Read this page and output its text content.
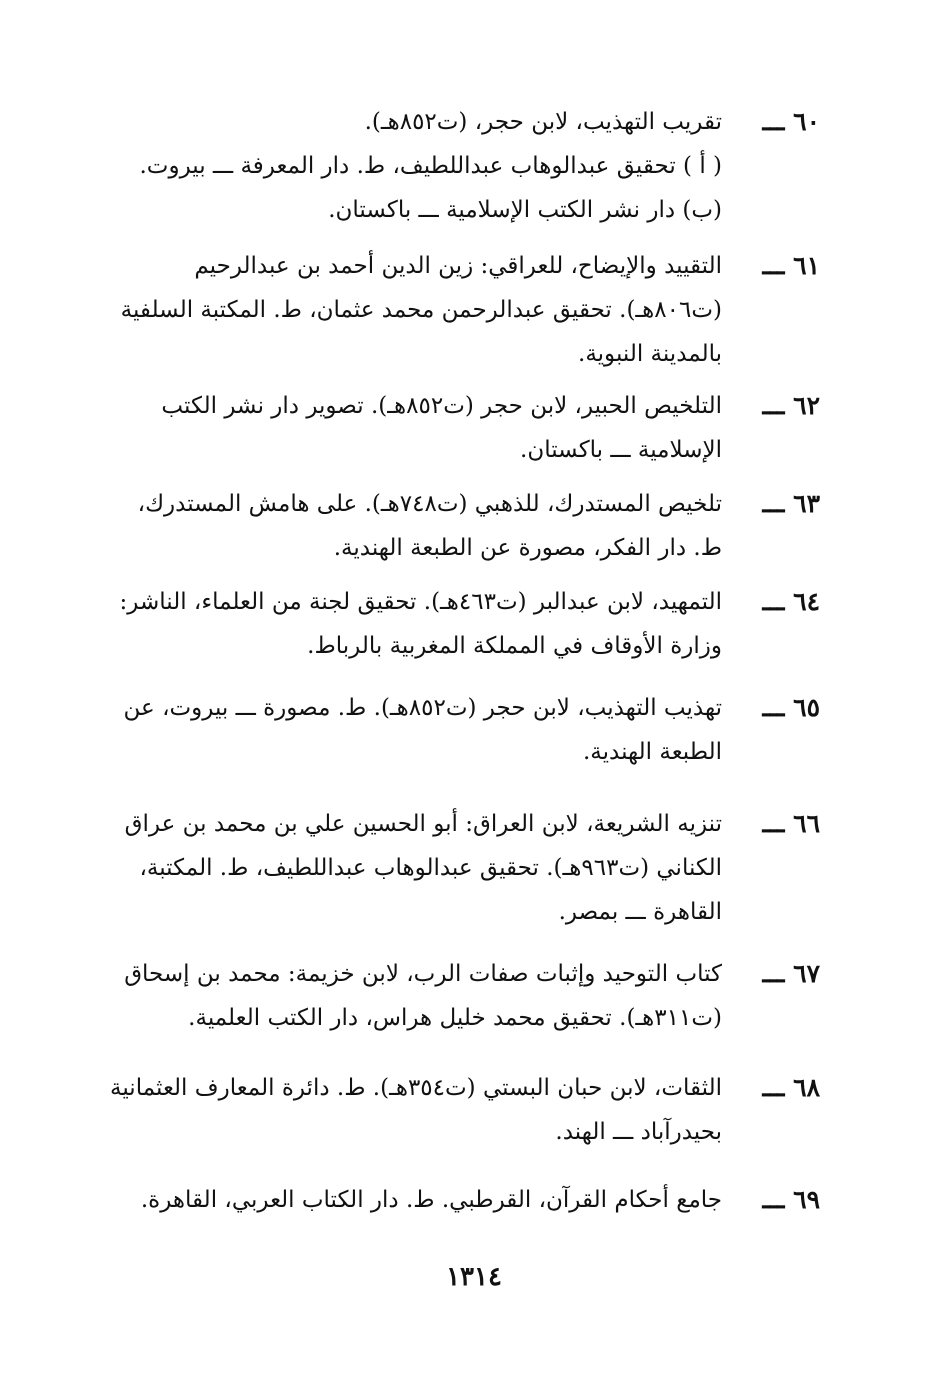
٦٠ ـــ
تقريب التهذيب، لابن حجر، (ت٨٥٢هـ).
( أ ) تحقيق عبدالوهاب عبداللطيف، ط. دار المعرفة ـــ بيروت.
(ب) دار نشر الكتب الإسلامية ـــ باكستان.
٦١ ـــ
التقييد والإيضاح، للعراقي: زين الدين أحمد بن عبدالرحيم
(ت٨٠٦هـ). تحقيق عبدالرحمن محمد عثمان، ط. المكتبة السلفية
بالمدينة النبوية.
٦٢ ـــ
التلخيص الحبير، لابن حجر (ت٨٥٢هـ). تصوير دار نشر الكتب
الإسلامية ـــ باكستان.
٦٣ ـــ
تلخيص المستدرك، للذهبي (ت٧٤٨هـ). على هامش المستدرك،
ط. دار الفكر، مصورة عن الطبعة الهندية.
٦٤ ـــ
التمهيد، لابن عبدالبر (ت٤٦٣هـ). تحقيق لجنة من العلماء، الناشر:
وزارة الأوقاف في المملكة المغربية بالرباط.
٦٥ ـــ
تهذيب التهذيب، لابن حجر (ت٨٥٢هـ). ط. مصورة ـــ بيروت، عن
الطبعة الهندية.
٦٦ ـــ
تنزيه الشريعة، لابن العراق: أبو الحسين علي بن محمد بن عراق
الكناني (ت٩٦٣هـ). تحقيق عبدالوهاب عبداللطيف، ط. المكتبة،
القاهرة ـــ بمصر.
٦٧ ـــ
كتاب التوحيد وإثبات صفات الرب، لابن خزيمة: محمد بن إسحاق
(ت٣١١هـ). تحقيق محمد خليل هراس، دار الكتب العلمية.
٦٨ ـــ
الثقات، لابن حبان البستي (ت٣٥٤هـ). ط. دائرة المعارف العثمانية
بحيدرآباد ـــ الهند.
٦٩ ـــ
جامع أحكام القرآن، القرطبي. ط. دار الكتاب العربي، القاهرة.
١٣١٤
